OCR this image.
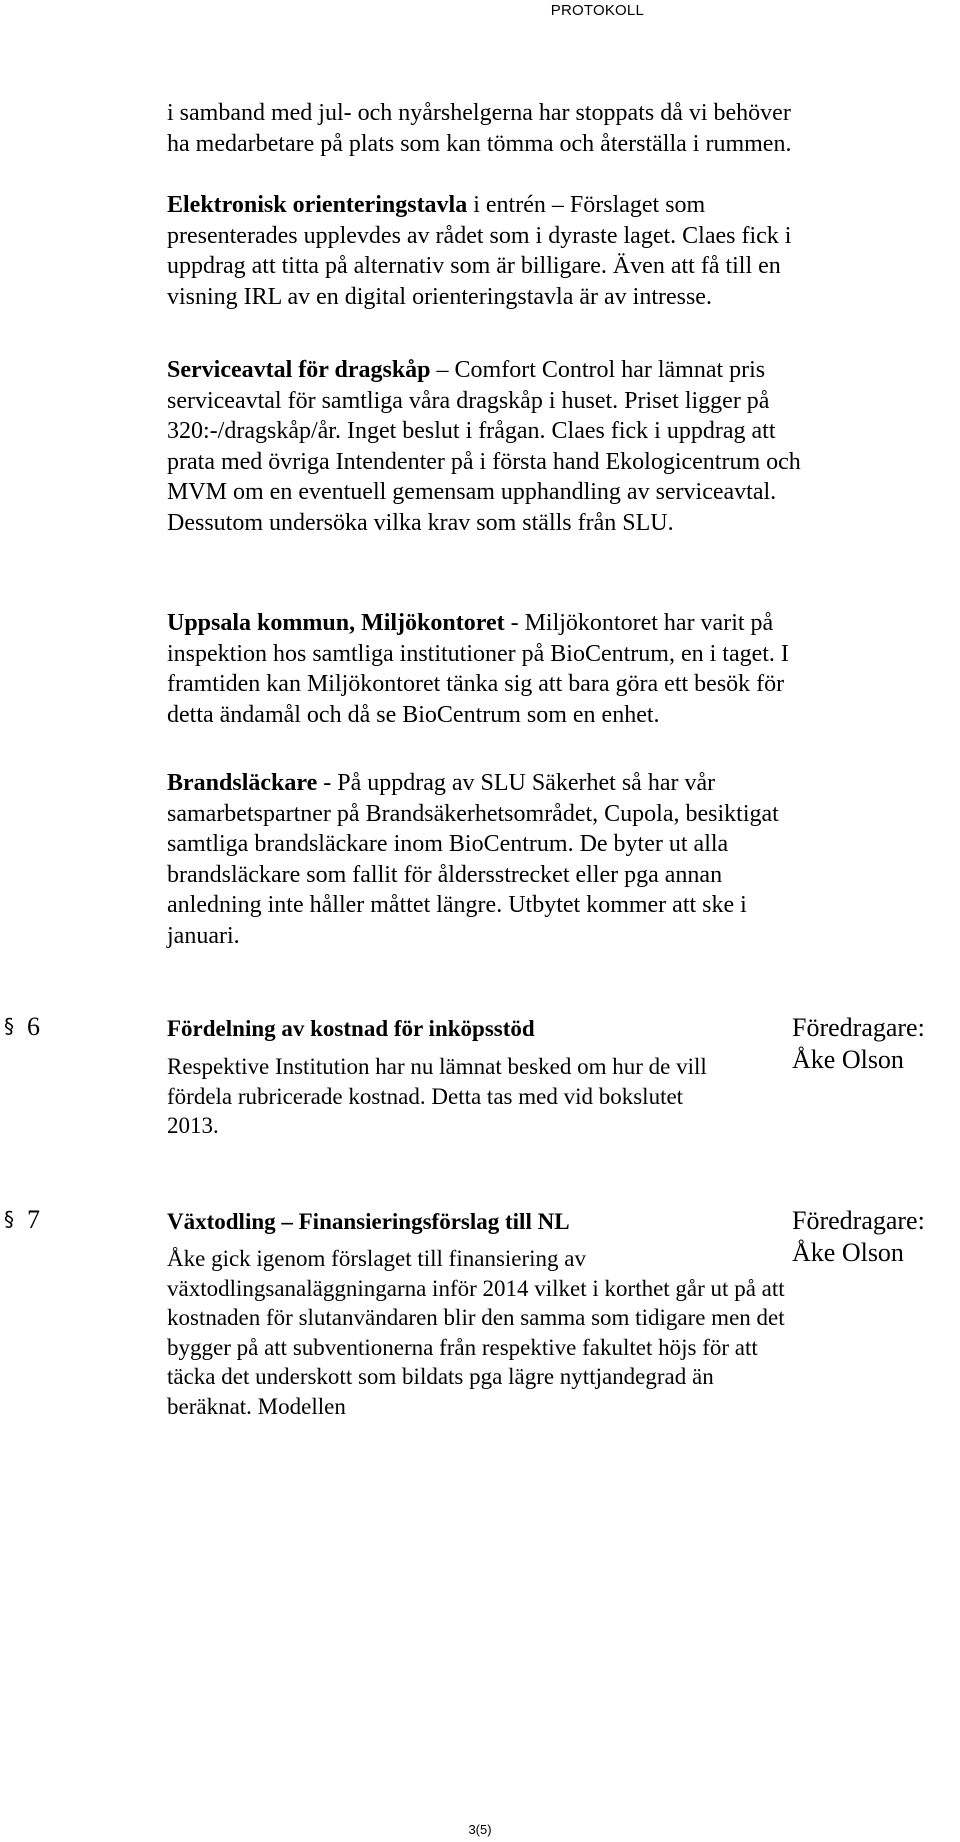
PROTOKOLL

i samband med jul- och nyårshelgerna har stoppats då vi behöver ha medarbetare på plats som kan tömma och återställa i rummen.

Elektronisk orienteringstavla i entrén – Förslaget som presenterades upplevdes av rådet som i dyraste laget. Claes fick i uppdrag att titta på alternativ som är billigare. Även att få till en visning IRL av en digital orienteringstavla är av intresse.

Serviceavtal för dragskåp – Comfort Control har lämnat pris serviceavtal för samtliga våra dragskåp i huset. Priset ligger på 320:-/dragskåp/år. Inget beslut i frågan. Claes fick i uppdrag att prata med övriga Intendenter på i första hand Ekologicentrum och MVM om en eventuell gemensam upphandling av serviceavtal. Dessutom undersöka vilka krav som ställs från SLU.

Uppsala kommun, Miljökontoret - Miljökontoret har varit på inspektion hos samtliga institutioner på BioCentrum, en i taget. I framtiden kan Miljökontoret tänka sig att bara göra ett besök för detta ändamål och då se BioCentrum som en enhet.

Brandsläckare - På uppdrag av SLU Säkerhet så har vår samarbetspartner på Brandsäkerhetsområdet, Cupola, besiktigat samtliga brandsläckare inom BioCentrum. De byter ut alla brandsläckare som fallit för åldersstrecket eller pga annan anledning inte håller måttet längre. Utbytet kommer att ske i januari.

§ 6	Fördelning av kostnad för inköpsstöd	Föredragare:
Åke Olson
Respektive Institution har nu lämnat besked om hur de vill fördela rubricerade kostnad. Detta tas med vid bokslutet 2013.
§ 7	Växtodling – Finansieringsförslag till NL	Föredragare:
Åke Olson
Åke gick igenom förslaget till finansiering av växtodlingsanaläggningarna inför 2014 vilket i korthet går ut på att kostnaden för slutanvändaren blir den samma som tidigare men det bygger på att subventionerna från respektive fakultet höjs för att täcka det underskott som bildats pga lägre nyttjandegrad än beräknat. Modellen
3(5)
